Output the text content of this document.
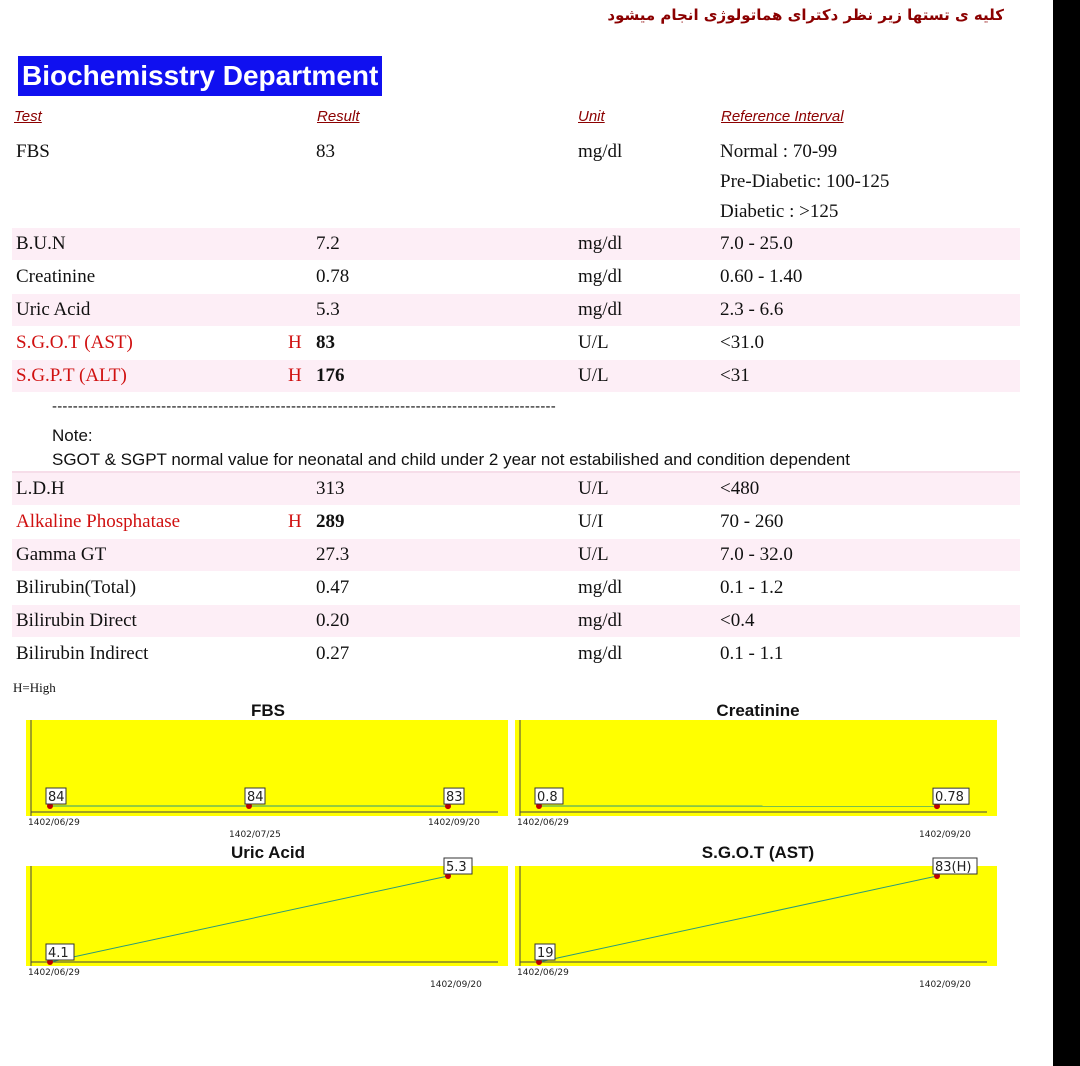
کلیه ی تستها زیر نظر دکترای هماتولوژی انجام میشود
Biochemisstry Department
Test	Result	Unit	Reference Interval
FBS	83	mg/dl	Normal : 70-99
Pre-Diabetic: 100-125
Diabetic : >125
B.U.N	7.2	mg/dl	7.0 - 25.0
Creatinine	0.78	mg/dl	0.60 - 1.40
Uric Acid	5.3	mg/dl	2.3 - 6.6
S.G.O.T (AST)	H 83	U/L	<31.0
S.G.P.T (ALT)	H 176	U/L	<31
-------------------------------------------------------------------------------------------------
Note:
SGOT & SGPT normal value for neonatal and child under 2 year not estabilished and condition dependent
L.D.H	313	U/L	<480
Alkaline Phosphatase	H 289	U/I	70 - 260
Gamma GT	27.3	U/L	7.0 - 32.0
Bilirubin(Total)	0.47	mg/dl	0.1 - 1.2
Bilirubin Direct	0.20	mg/dl	<0.4
Bilirubin Indirect	0.27	mg/dl	0.1 - 1.1
H=High
FBS
84	84	83
1402/06/29
1402/07/25
1402/09/20
Creatinine
0.8	0.78
1402/06/29
1402/09/20
Uric Acid
4.1
5.3
1402/06/29
1402/09/20
S.G.O.T (AST)
19
83(H)
1402/06/29
1402/09/20
